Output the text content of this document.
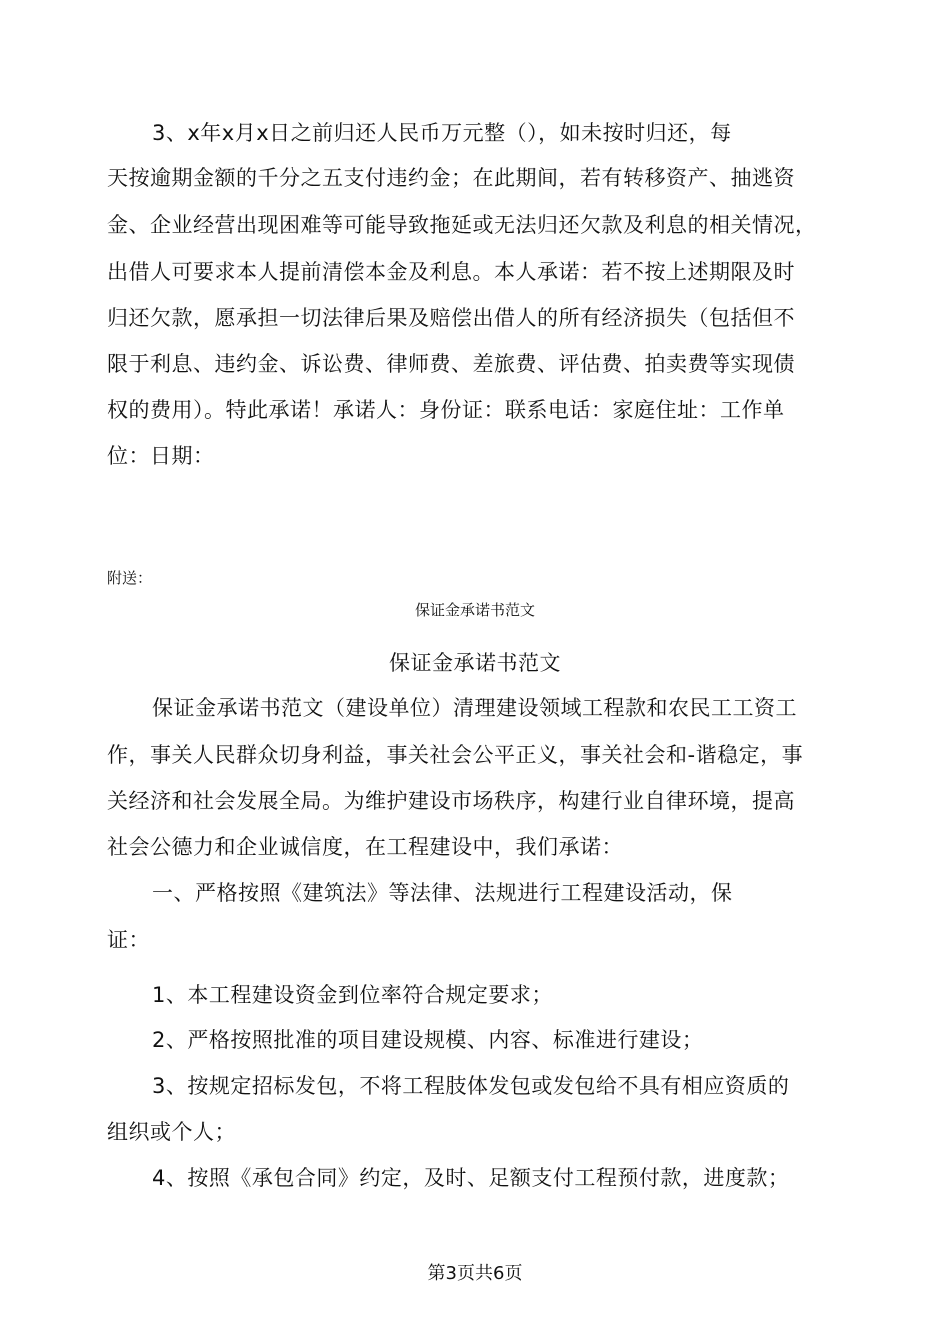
3、x年x月x日之前归还人民币万元整（），如未按时归还，每
天按逾期金额的千分之五支付违约金；在此期间，若有转移资产、抽逃资
金、企业经营出现困难等可能导致拖延或无法归还欠款及利息的相关情况，
出借人可要求本人提前清偿本金及利息。本人承诺：若不按上述期限及时
归还欠款，愿承担一切法律后果及赔偿出借人的所有经济损失（包括但不
限于利息、违约金、诉讼费、律师费、差旅费、评估费、拍卖费等实现债
权的费用）。特此承诺！承诺人：身份证：联系电话：家庭住址：工作单
位：日期：
附送：
保证金承诺书范文
保证金承诺书范文
保证金承诺书范文（建设单位）清理建设领域工程款和农民工工资工
作，事关人民群众切身利益，事关社会公平正义，事关社会和-谐稳定，事
关经济和社会发展全局。为维护建设市场秩序，构建行业自律环境，提高
社会公德力和企业诚信度，在工程建设中，我们承诺：
一、严格按照《建筑法》等法律、法规进行工程建设活动，保
证：
1、本工程建设资金到位率符合规定要求；
2、严格按照批准的项目建设规模、内容、标准进行建设；
3、按规定招标发包，不将工程肢体发包或发包给不具有相应资质的
组织或个人；
4、按照《承包合同》约定，及时、足额支付工程预付款，进度款；
第3页共6页
